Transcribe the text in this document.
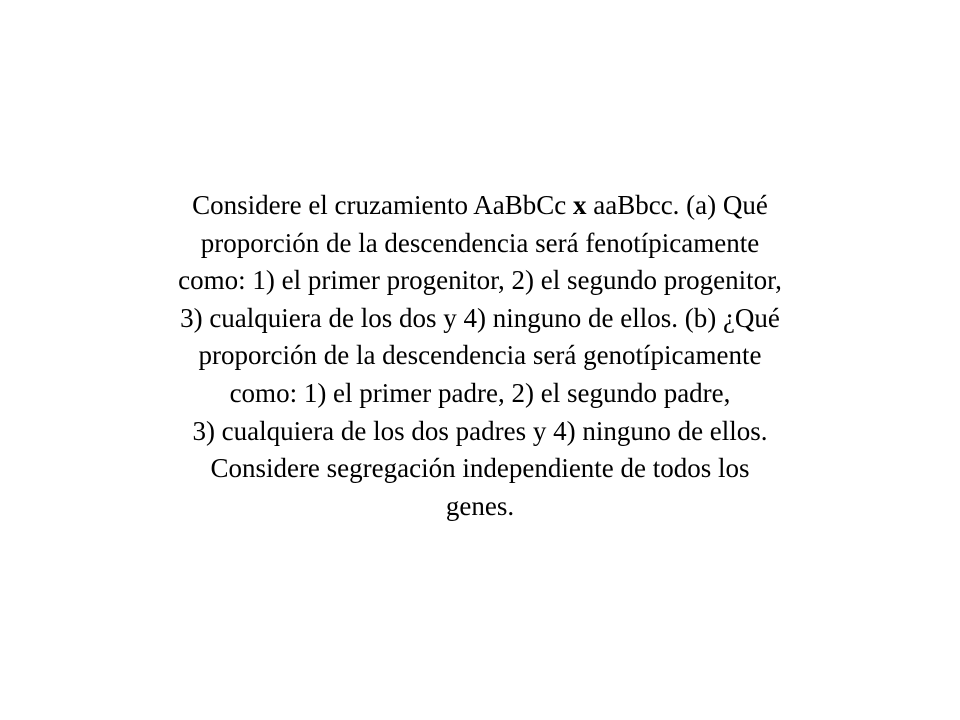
Considere el cruzamiento AaBbCc x aaBbcc. (a) Qué
proporción de la descendencia será fenotípicamente
como: 1) el primer progenitor, 2) el segundo progenitor,
3) cualquiera de los dos y 4) ninguno de ellos. (b) ¿Qué
proporción de la descendencia será genotípicamente
como: 1) el primer padre, 2) el segundo padre,
3) cualquiera de los dos padres y 4) ninguno de ellos.
Considere segregación independiente de todos los
genes.
